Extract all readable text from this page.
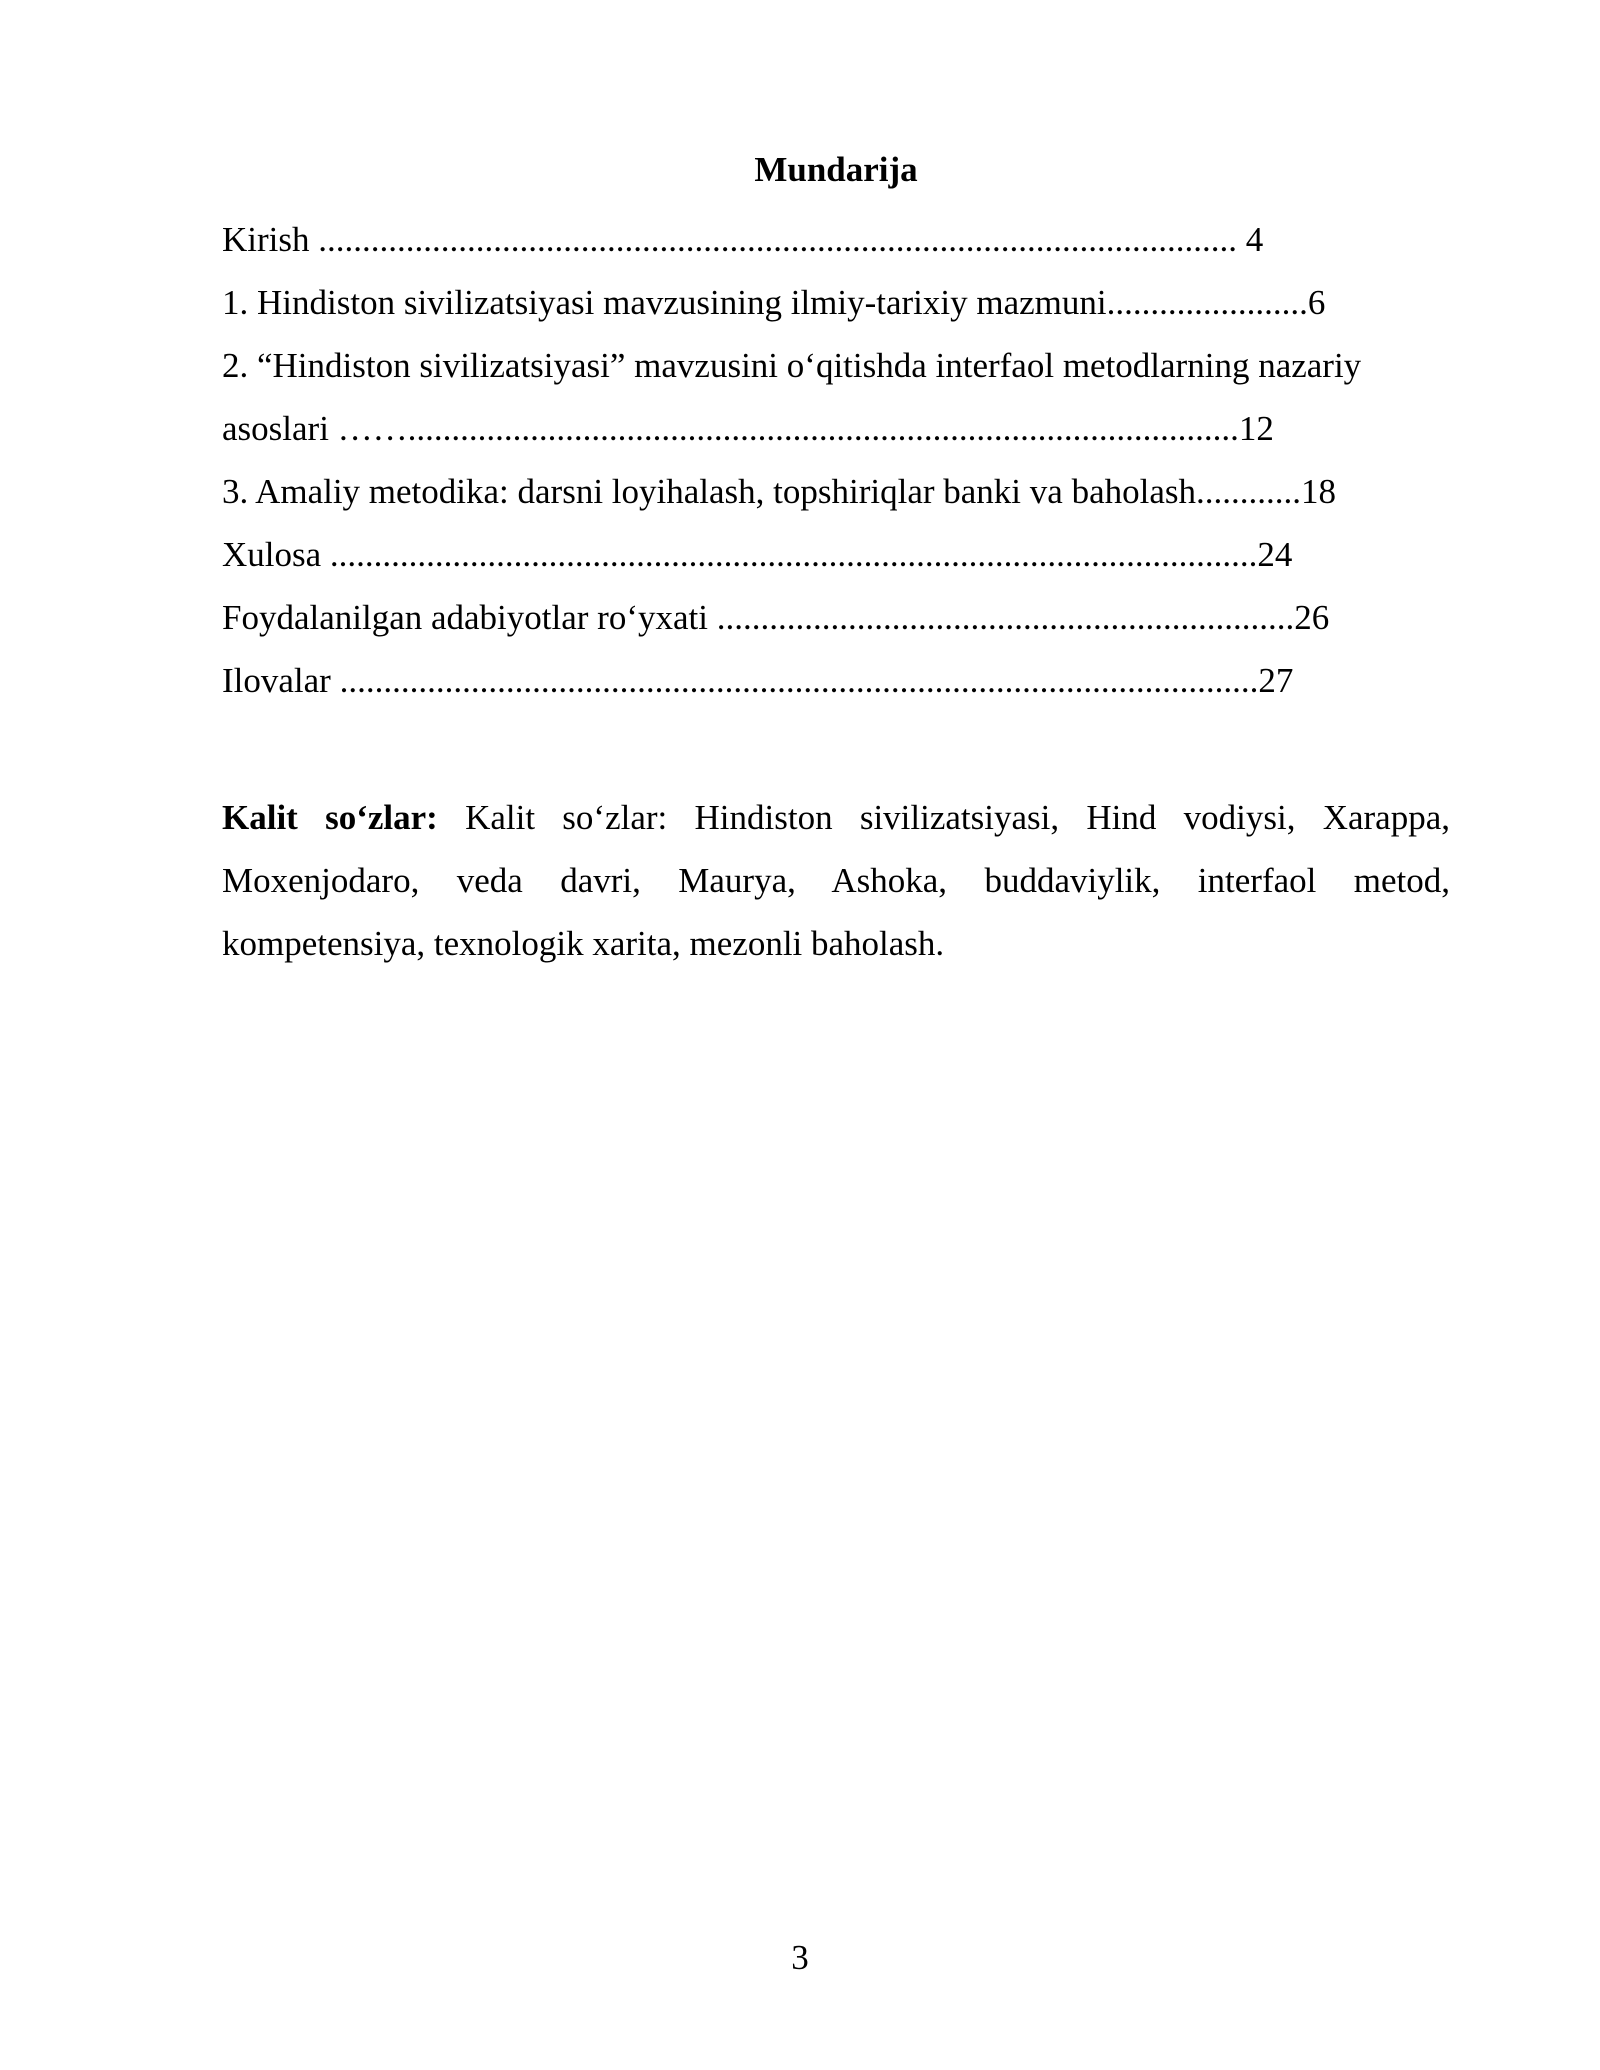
Mundarija
Kirish ......................................................................................................... 4
1. Hindiston sivilizatsiyasi mavzusining ilmiy-tarixiy mazmuni.......................6
2. “Hindiston sivilizatsiyasi” mavzusini o‘qitishda interfaol metodlarning nazariy
asoslari ……...............................................................................................12
3. Amaliy metodika: darsni loyihalash, topshiriqlar banki va baholash............18
Xulosa ..........................................................................................................24
Foydalanilgan adabiyotlar ro‘yxati ..................................................................26
Ilovalar .........................................................................................................27

Kalit so‘zlar: Kalit so‘zlar: Hindiston sivilizatsiyasi, Hind vodiysi, Xarappa, Moxenjodaro, veda davri, Maurya, Ashoka, buddaviylik, interfaol metod, kompetensiya, texnologik xarita, mezonli baholash.

3
